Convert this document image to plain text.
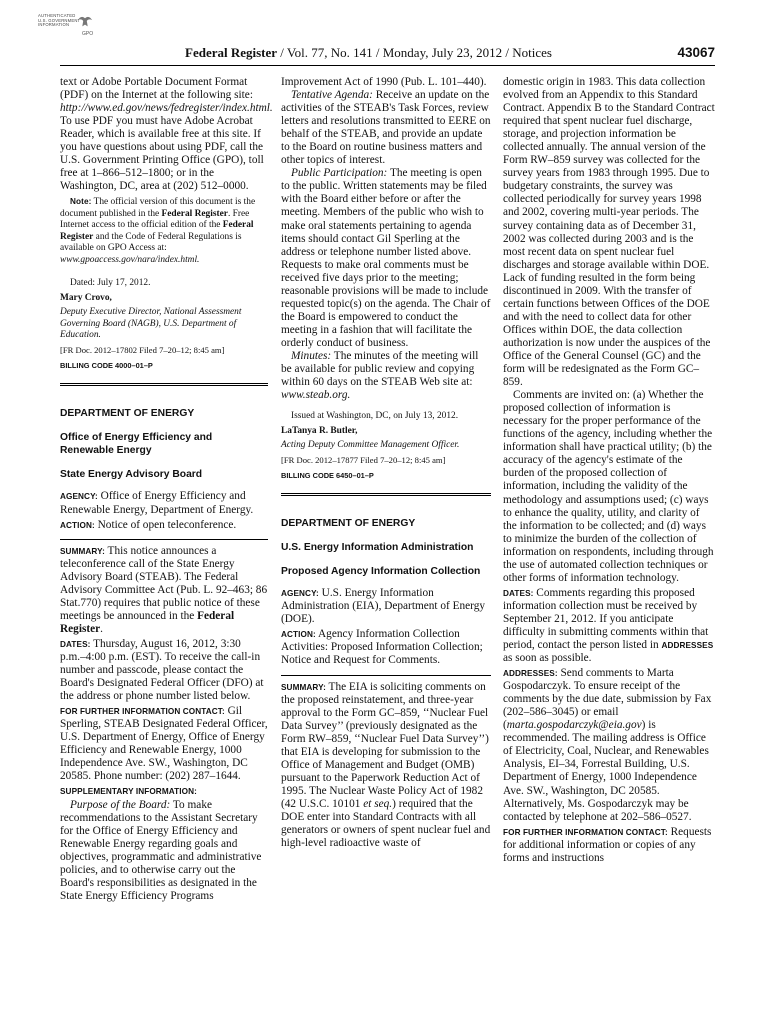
AUTHENTICATED
U.S. GOVERNMENT
INFORMATION
GPO
Federal Register / Vol. 77, No. 141 / Monday, July 23, 2012 / Notices	43067

text or Adobe Portable Document Format (PDF) on the Internet at the following site: http://www.ed.gov/news/fedregister/index.html. To use PDF you must have Adobe Acrobat Reader, which is available free at this site. If you have questions about using PDF, call the U.S. Government Printing Office (GPO), toll free at 1–866–512–1800; or in the Washington, DC, area at (202) 512–0000.

Note: The official version of this document is the document published in the Federal Register. Free Internet access to the official edition of the Federal Register and the Code of Federal Regulations is available on GPO Access at: www.gpoaccess.gov/nara/index.html.

Dated: July 17, 2012.

Mary Crovo,

Deputy Executive Director, National Assessment Governing Board (NAGB), U.S. Department of Education.

[FR Doc. 2012–17802 Filed 7–20–12; 8:45 am]

BILLING CODE 4000–01–P

DEPARTMENT OF ENERGY

Office of Energy Efficiency and Renewable Energy

State Energy Advisory Board

AGENCY: Office of Energy Efficiency and Renewable Energy, Department of Energy.

ACTION: Notice of open teleconference.

SUMMARY: This notice announces a teleconference call of the State Energy Advisory Board (STEAB). The Federal Advisory Committee Act (Pub. L. 92–463; 86 Stat.770) requires that public notice of these meetings be announced in the Federal Register.

DATES: Thursday, August 16, 2012, 3:30 p.m.–4:00 p.m. (EST). To receive the call-in number and passcode, please contact the Board's Designated Federal Officer (DFO) at the address or phone number listed below.

FOR FURTHER INFORMATION CONTACT: Gil Sperling, STEAB Designated Federal Officer, U.S. Department of Energy, Office of Energy Efficiency and Renewable Energy, 1000 Independence Ave. SW., Washington, DC 20585. Phone number: (202) 287–1644.

SUPPLEMENTARY INFORMATION:

Purpose of the Board: To make recommendations to the Assistant Secretary for the Office of Energy Efficiency and Renewable Energy regarding goals and objectives, programmatic and administrative policies, and to otherwise carry out the Board's responsibilities as designated in the State Energy Efficiency Programs

Improvement Act of 1990 (Pub. L. 101–440).

Tentative Agenda: Receive an update on the activities of the STEAB's Task Forces, review letters and resolutions transmitted to EERE on behalf of the STEAB, and provide an update to the Board on routine business matters and other topics of interest.

Public Participation: The meeting is open to the public. Written statements may be filed with the Board either before or after the meeting. Members of the public who wish to make oral statements pertaining to agenda items should contact Gil Sperling at the address or telephone number listed above. Requests to make oral comments must be received five days prior to the meeting; reasonable provisions will be made to include requested topic(s) on the agenda. The Chair of the Board is empowered to conduct the meeting in a fashion that will facilitate the orderly conduct of business.

Minutes: The minutes of the meeting will be available for public review and copying within 60 days on the STEAB Web site at: www.steab.org.

Issued at Washington, DC, on July 13, 2012.

LaTanya R. Butler,

Acting Deputy Committee Management Officer.

[FR Doc. 2012–17877 Filed 7–20–12; 8:45 am]

BILLING CODE 6450–01–P

DEPARTMENT OF ENERGY

U.S. Energy Information Administration

Proposed Agency Information Collection

AGENCY: U.S. Energy Information Administration (EIA), Department of Energy (DOE).

ACTION: Agency Information Collection Activities: Proposed Information Collection; Notice and Request for Comments.

SUMMARY: The EIA is soliciting comments on the proposed reinstatement, and three-year approval to the Form GC–859, ‘‘Nuclear Fuel Data Survey’’ (previously designated as the Form RW–859, ‘‘Nuclear Fuel Data Survey’’) that EIA is developing for submission to the Office of Management and Budget (OMB) pursuant to the Paperwork Reduction Act of 1995. The Nuclear Waste Policy Act of 1982 (42 U.S.C. 10101 et seq.) required that the DOE enter into Standard Contracts with all generators or owners of spent nuclear fuel and high-level radioactive waste of

domestic origin in 1983. This data collection evolved from an Appendix to this Standard Contract. Appendix B to the Standard Contract required that spent nuclear fuel discharge, storage, and projection information be collected annually. The annual version of the Form RW–859 survey was collected for the survey years from 1983 through 1995. Due to budgetary constraints, the survey was collected periodically for survey years 1998 and 2002, covering multi-year periods. The survey containing data as of December 31, 2002 was collected during 2003 and is the most recent data on spent nuclear fuel discharges and storage available within DOE. Lack of funding resulted in the form being discontinued in 2009. With the transfer of certain functions between Offices of the DOE and with the need to collect data for other Offices within DOE, the data collection authorization is now under the auspices of the Office of the General Counsel (GC) and the form will be redesignated as the Form GC–859.

Comments are invited on: (a) Whether the proposed collection of information is necessary for the proper performance of the functions of the agency, including whether the information shall have practical utility; (b) the accuracy of the agency's estimate of the burden of the proposed collection of information, including the validity of the methodology and assumptions used; (c) ways to enhance the quality, utility, and clarity of the information to be collected; and (d) ways to minimize the burden of the collection of information on respondents, including through the use of automated collection techniques or other forms of information technology.

DATES: Comments regarding this proposed information collection must be received by September 21, 2012. If you anticipate difficulty in submitting comments within that period, contact the person listed in ADDRESSES as soon as possible.

ADDRESSES: Send comments to Marta Gospodarczyk. To ensure receipt of the comments by the due date, submission by Fax (202–586–3045) or email (marta.gospodarczyk@eia.gov) is recommended. The mailing address is Office of Electricity, Coal, Nuclear, and Renewables Analysis, EI–34, Forrestal Building, U.S. Department of Energy, 1000 Independence Ave. SW., Washington, DC 20585. Alternatively, Ms. Gospodarczyk may be contacted by telephone at 202–586–0527.

FOR FURTHER INFORMATION CONTACT: Requests for additional information or copies of any forms and instructions
